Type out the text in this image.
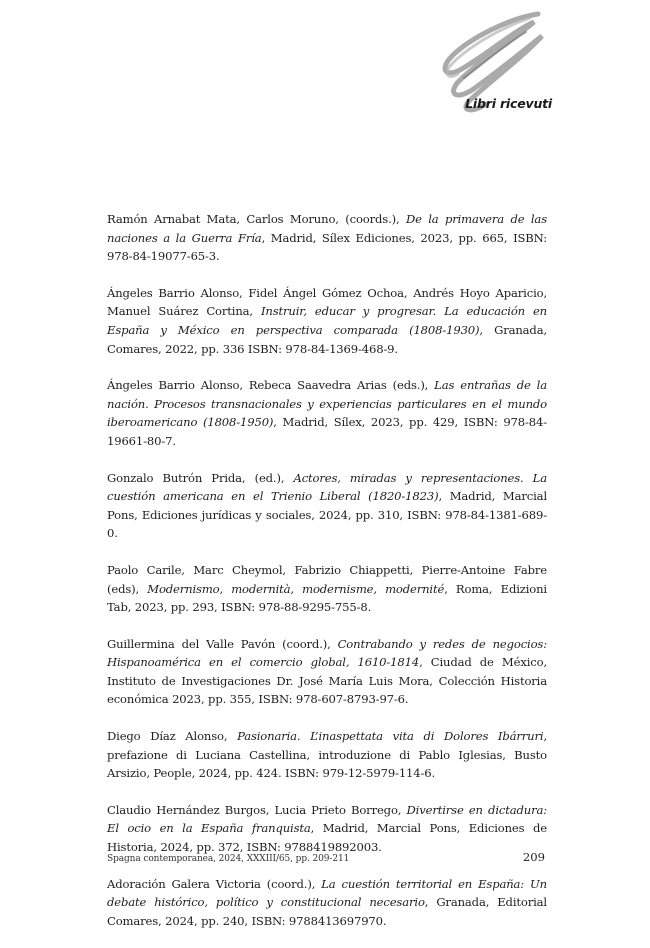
Libri ricevuti

Ramón Arnabat Mata, Carlos Moruno, (coords.), De la primavera de las naciones a la Guerra Fría, Madrid, Sílex Ediciones, 2023, pp. 665, ISBN: 978-84-19077-65-3.

Ángeles Barrio Alonso, Fidel Ángel Gómez Ochoa, Andrés Hoyo Aparicio, Manuel Suárez Cortina, Instruir, educar y progresar. La educación en España y México en perspectiva comparada (1808-1930), Granada, Comares, 2022, pp. 336 ISBN: 978-84-1369-468-9.

Ángeles Barrio Alonso, Rebeca Saavedra Arias (eds.), Las entrañas de la nación. Procesos transnacionales y experiencias particulares en el mundo iberoamericano (1808-1950), Madrid, Sílex, 2023, pp. 429, ISBN: 978-84-19661-80-7.

Gonzalo Butrón Prida, (ed.), Actores, miradas y representaciones. La cuestión americana en el Trienio Liberal (1820-1823), Madrid, Marcial Pons, Ediciones jurídicas y sociales, 2024, pp. 310, ISBN: 978-84-1381-689-0.

Paolo Carile, Marc Cheymol, Fabrizio Chiappetti, Pierre-Antoine Fabre (eds), Modernismo, modernità, modernisme, modernité, Roma, Edizioni Tab, 2023, pp. 293, ISBN: 978-88-9295-755-8.

Guillermina del Valle Pavón (coord.), Contrabando y redes de negocios: Hispanoamérica en el comercio global, 1610-1814, Ciudad de México, Instituto de Investigaciones Dr. José María Luis Mora, Colección Historia económica 2023, pp. 355, ISBN: 978-607-8793-97-6.

Diego Díaz Alonso, Pasionaria. L’inaspettata vita di Dolores Ibárruri, prefazione di Luciana Castellina, introduzione di Pablo Iglesias, Busto Arsizio, People, 2024, pp. 424. ISBN: 979-12-5979-114-6.

Claudio Hernández Burgos, Lucia Prieto Borrego, Divertirse en dictadura: El ocio en la España franquista, Madrid, Marcial Pons, Ediciones de Historia, 2024, pp. 372, ISBN: 9788419892003.

Adoración Galera Victoria (coord.), La cuestión territorial en España: Un debate histórico, político y constitucional necesario, Granada, Editorial Comares, 2024, pp. 240, ISBN: 9788413697970.

Spagna contemporanea, 2024, XXXIII/65, pp. 209-211	209
